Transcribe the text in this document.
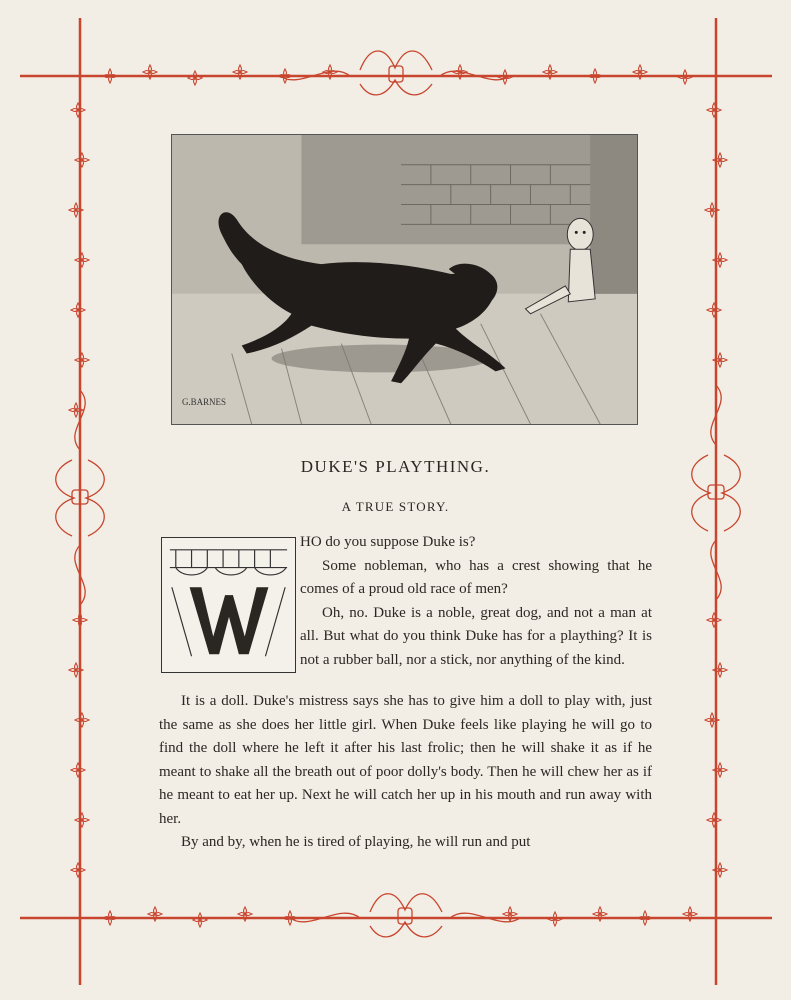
G.BARNES
DUKE'S PLAYTHING.
A TRUE STORY.

HO do you suppose Duke is?

Some nobleman, who has a crest showing that he comes of a proud old race of men?

Oh, no. Duke is a noble, great dog, and not a man at all. But what do you think Duke has for a plaything? It is not a rubber ball, nor a stick, nor anything of the kind.

It is a doll. Duke's mistress says she has to give him a doll to play with, just the same as she does her little girl. When Duke feels like playing he will go to find the doll where he left it after his last frolic; then he will shake it as if he meant to shake all the breath out of poor dolly's body. Then he will chew her as if he meant to eat her up. Next he will catch her up in his mouth and run away with her.

By and by, when he is tired of playing, he will run and put
